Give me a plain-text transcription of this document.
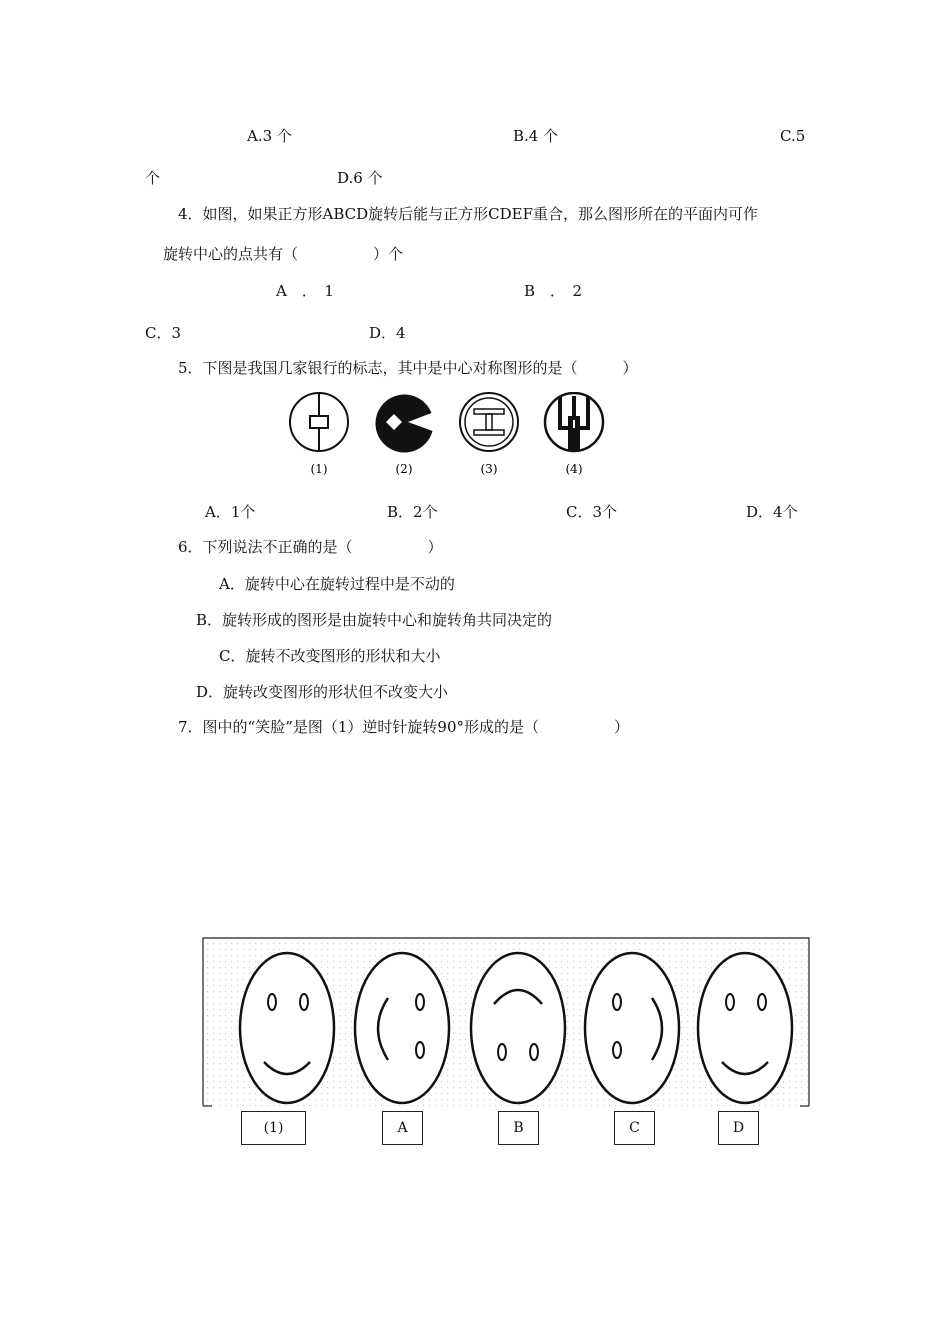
A.3 个	B.4 个	C.5
个	D.6 个
4．如图，如果正方形ABCD旋转后能与正方形CDEF重合，那么图形所在的平面内可作
旋转中心的点共有（　　　　　）个
A　．　1	B　．　2
C．3	D．4
5．下图是我国几家银行的标志，其中是中心对称图形的是（　　　）
(1)	(2)	(3)	(4)
A．1个	B．2个	C．3个	D．4个
6．下列说法不正确的是（　　　　　）
A．旋转中心在旋转过程中是不动的
B．旋转形成的图形是由旋转中心和旋转角共同决定的
C．旋转不改变图形的形状和大小
D．旋转改变图形的形状但不改变大小
7．图中的“笑脸”是图（1）逆时针旋转90°形成的是（　　　　　）
(1)	A	B	C	D
